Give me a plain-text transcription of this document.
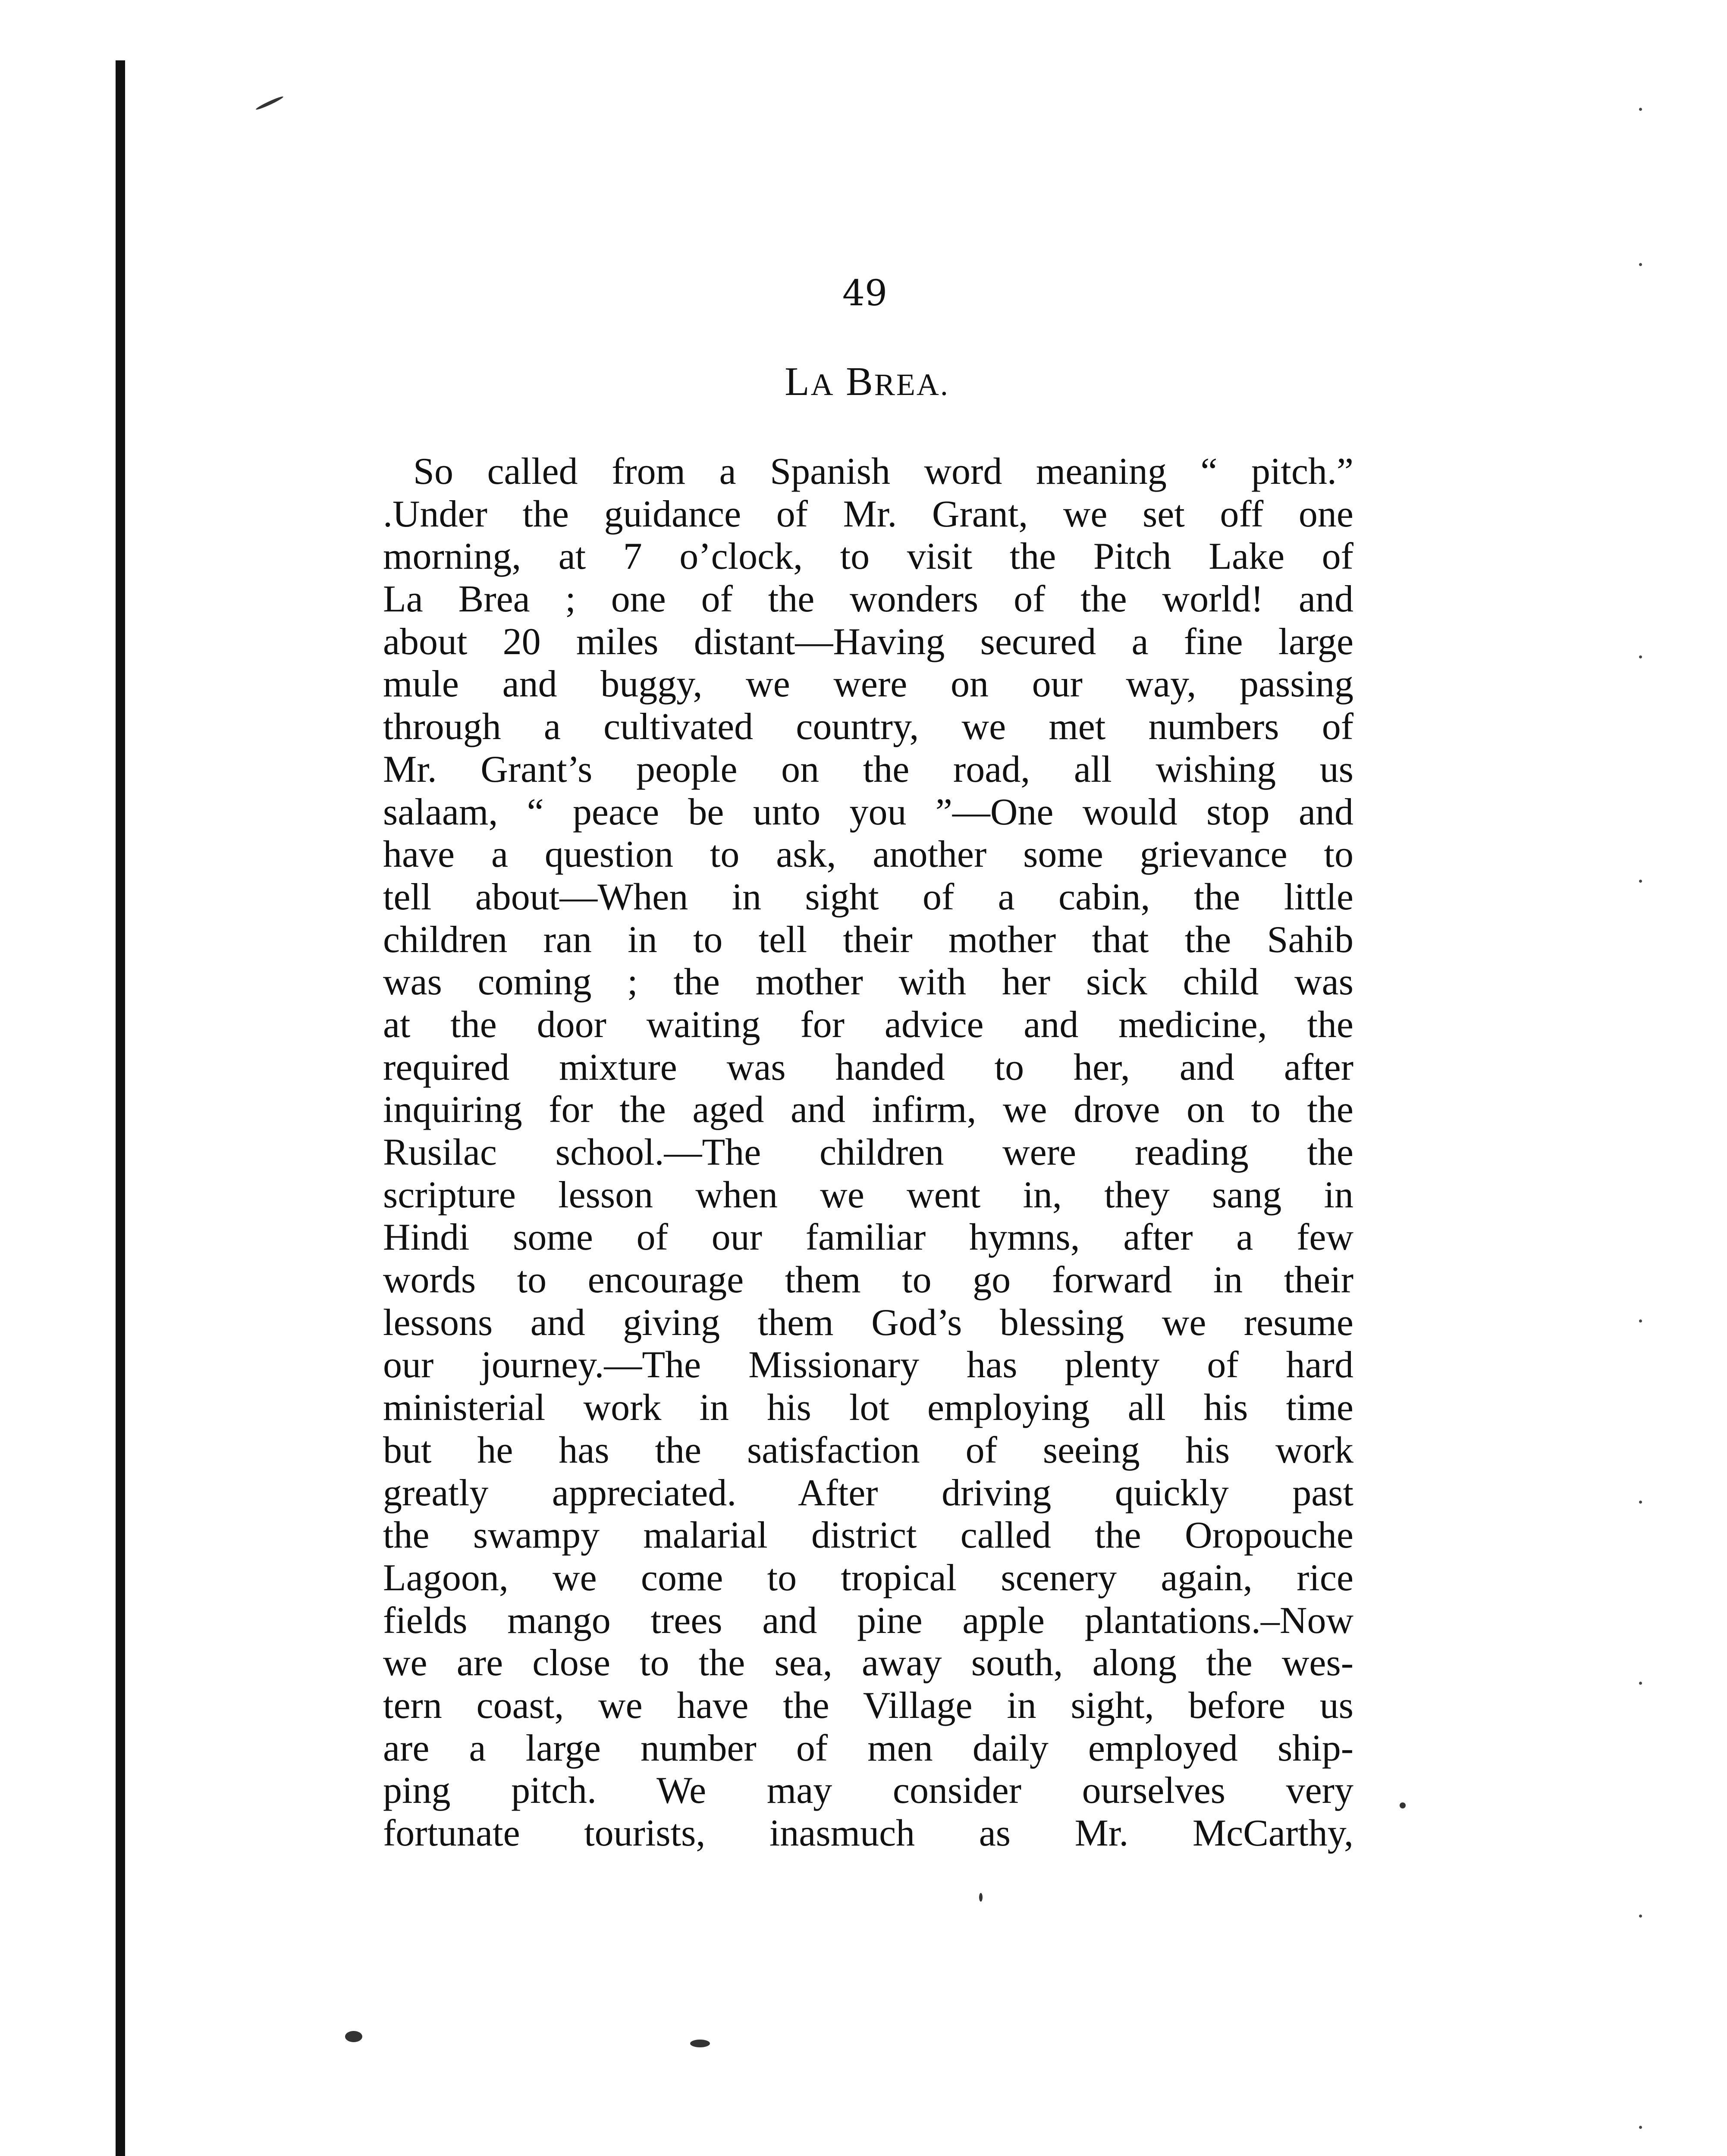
49
LA BREA.
So called from a Spanish word meaning “ pitch.”
.Under the guidance of Mr. Grant, we set off one
morning, at 7 o’clock, to visit the Pitch Lake of
La Brea ; one of the wonders of the world! and
about 20 miles distant—Having secured a fine large
mule and buggy, we were on our way, passing
through a cultivated country, we met numbers of
Mr. Grant’s people on the road, all wishing us
salaam, “ peace be unto you ”—One would stop and
have a question to ask, another some grievance to
tell about—When in sight of a cabin, the little
children ran in to tell their mother that the Sahib
was coming ; the mother with her sick child was
at the door waiting for advice and medicine, the
required mixture was handed to her, and after
inquiring for the aged and infirm, we drove on to the
Rusilac school.—The children were reading the
scripture lesson when we went in, they sang in
Hindi some of our familiar hymns, after a few
words to encourage them to go forward in their
lessons and giving them God’s blessing we resume
our journey.—The Missionary has plenty of hard
ministerial work in his lot employing all his time
but he has the satisfaction of seeing his work
greatly appreciated. After driving quickly past
the swampy malarial district called the Oropouche
Lagoon, we come to tropical scenery again, rice
fields mango trees and pine apple plantations.–Now
we are close to the sea, away south, along the wes-
tern coast, we have the Village in sight, before us
are a large number of men daily employed ship-
ping pitch. We may consider ourselves very
fortunate tourists, inasmuch as Mr. McCarthy,
